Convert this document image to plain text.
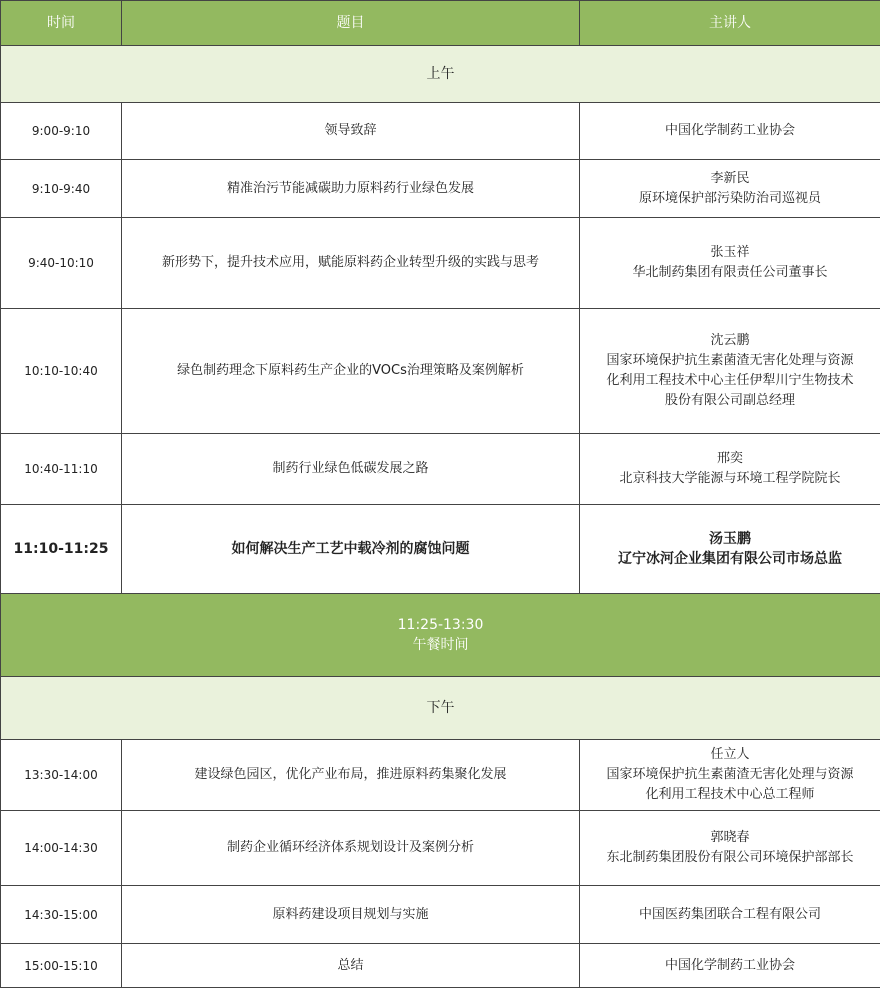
时间	题目	主讲人
上午		
9:00-9:10	领导致辞	中国化学制药工业协会

9:10-9:40	精准治污节能减碳助力原料药行业绿色发展	李新民
原环境保护部污染防治司巡视员

9:40-10:10	新形势下，提升技术应用，赋能原料药企业转型升级的实践与思考	张玉祥
华北制药集团有限责任公司董事长

10:10-10:40	绿色制药理念下原料药生产企业的VOCs治理策略及案例解析	沈云鹏
国家环境保护抗生素菌渣无害化处理与资源
化利用工程技术中心主任伊犁川宁生物技术
股份有限公司副总经理

10:40-11:10	制药行业绿色低碳发展之路	邢奕
北京科技大学能源与环境工程学院院长

11:10-11:25	如何解决生产工艺中载冷剂的腐蚀问题	汤玉鹏
辽宁冰河企业集团有限公司市场总监

11:25-13:30
午餐时间		

下午		
13:30-14:00	建设绿色园区，优化产业布局，推进原料药集聚化发展	任立人
国家环境保护抗生素菌渣无害化处理与资源
化利用工程技术中心总工程师

14:00-14:30	制药企业循环经济体系规划设计及案例分析	郭晓春
东北制药集团股份有限公司环境保护部部长

14:30-15:00	原料药建设项目规划与实施	中国医药集团联合工程有限公司

15:00-15:10	总结	中国化学制药工业协会
